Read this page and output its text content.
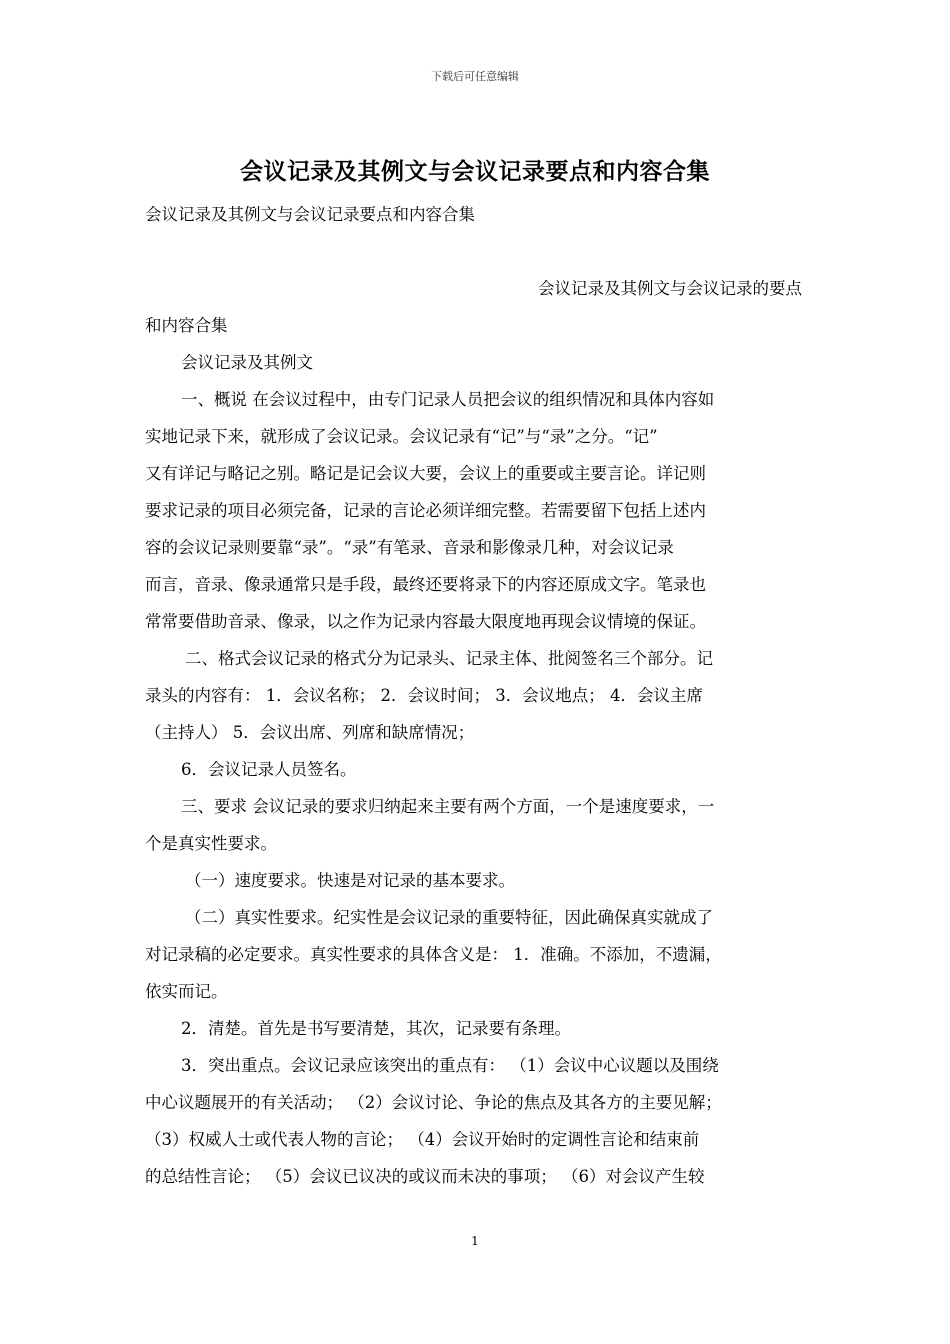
下载后可任意编辑
会议记录及其例文与会议记录要点和内容合集
会议记录及其例文与会议记录要点和内容合集

会议记录及其例文与会议记录的要点
和内容合集
会议记录及其例文
一、概说 在会议过程中，由专门记录人员把会议的组织情况和具体内容如
实地记录下来，就形成了会议记录。会议记录有“记”与“录”之分。“记”
又有详记与略记之别。略记是记会议大要，会议上的重要或主要言论。详记则
要求记录的项目必须完备，记录的言论必须详细完整。若需要留下包括上述内
容的会议记录则要靠“录”。“录”有笔录、音录和影像录几种，对会议记录
而言，音录、像录通常只是手段，最终还要将录下的内容还原成文字。笔录也
常常要借助音录、像录，以之作为记录内容最大限度地再现会议情境的保证。
二、格式会议记录的格式分为记录头、记录主体、批阅签名三个部分。记
录头的内容有： 1．会议名称； 2．会议时间； 3．会议地点； 4．会议主席
（主持人） 5．会议出席、列席和缺席情况；
6．会议记录人员签名。
三、要求 会议记录的要求归纳起来主要有两个方面，一个是速度要求，一
个是真实性要求。
（一）速度要求。快速是对记录的基本要求。
（二）真实性要求。纪实性是会议记录的重要特征，因此确保真实就成了
对记录稿的必定要求。真实性要求的具体含义是： 1．准确。不添加，不遗漏，
依实而记。
2．清楚。首先是书写要清楚，其次，记录要有条理。
3．突出重点。会议记录应该突出的重点有： （1）会议中心议题以及围绕
中心议题展开的有关活动； （2）会议讨论、争论的焦点及其各方的主要见解；
（3）权威人士或代表人物的言论； （4）会议开始时的定调性言论和结束前
的总结性言论； （5）会议已议决的或议而未决的事项； （6）对会议产生较
1
